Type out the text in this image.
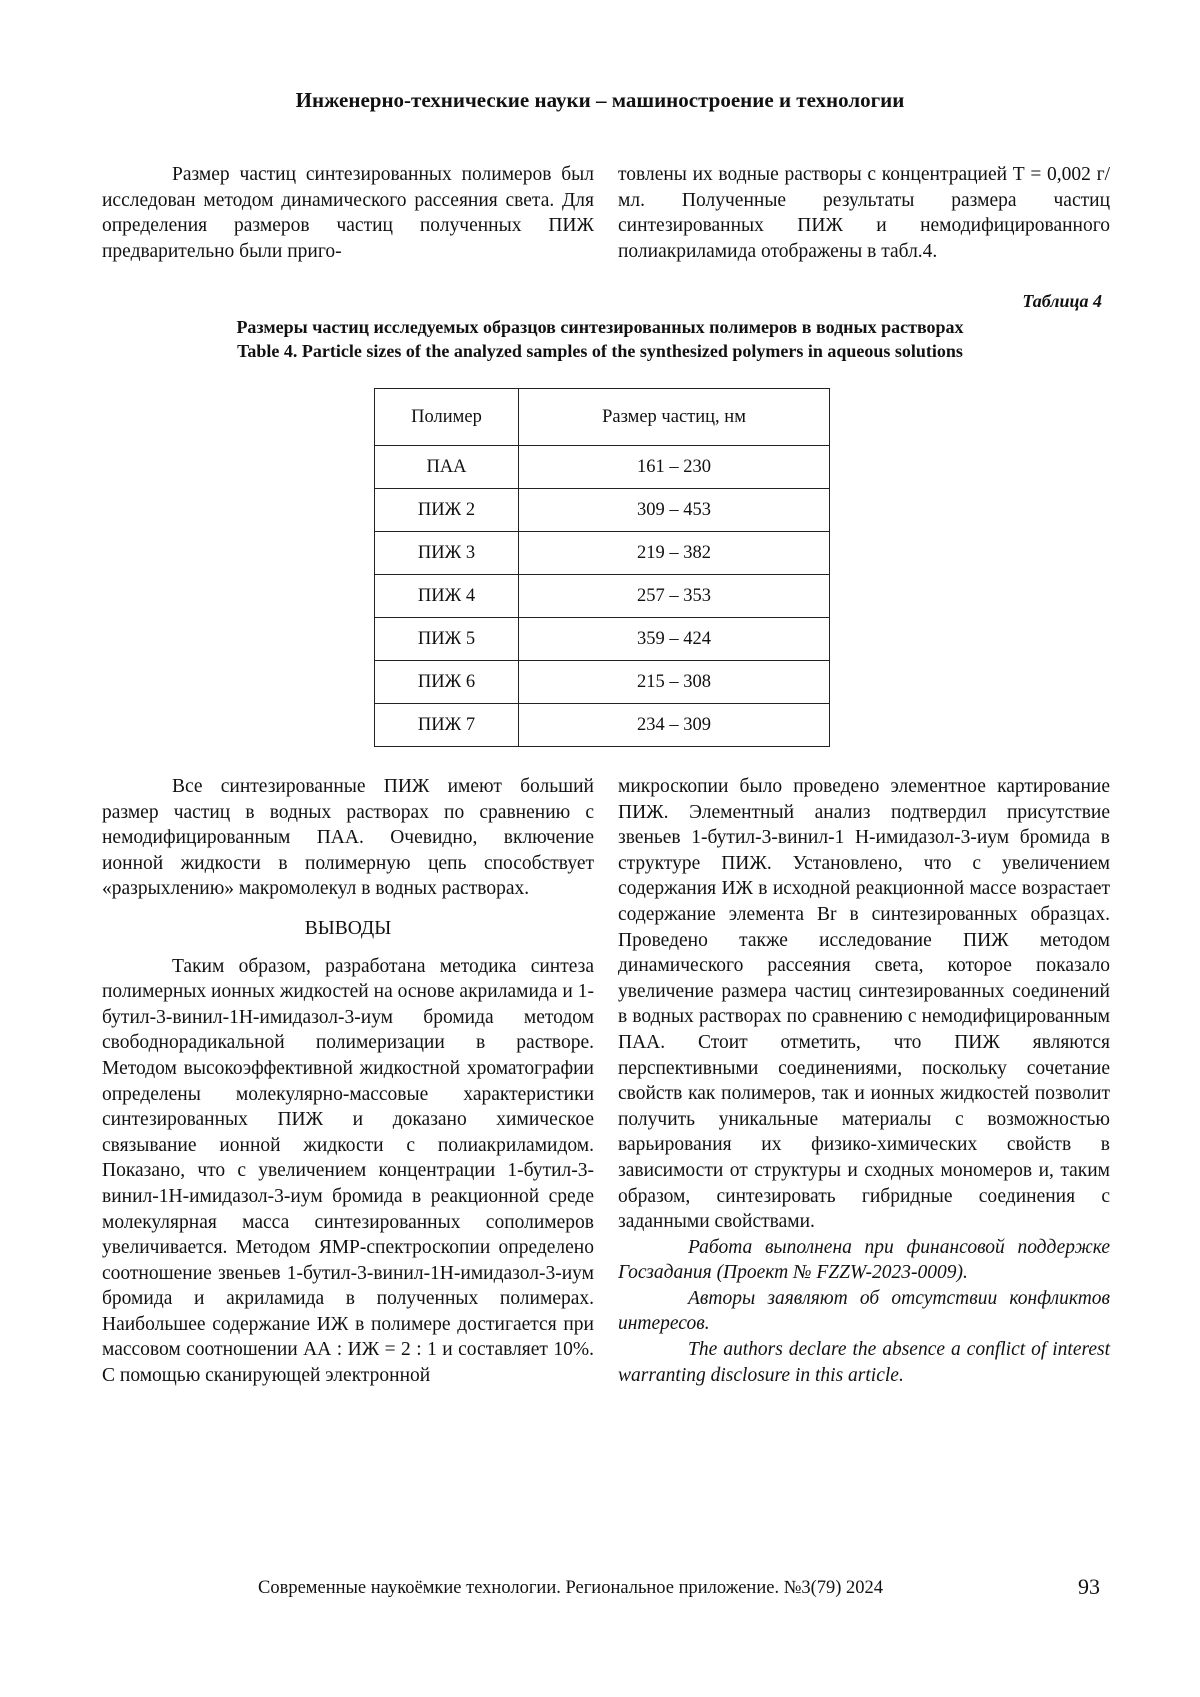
Инженерно-технические науки – машиностроение и технологии

Размер частиц синтезированных полимеров был исследован методом динамического рассеяния света. Для определения размеров частиц полученных ПИЖ предварительно были приго-

товлены их водные растворы с концентрацией Т = 0,002 г/мл. Полученные результаты размера частиц синтезированных ПИЖ и немодифицированного полиакриламида отображены в табл.4.

Таблица 4
Размеры частиц исследуемых образцов синтезированных полимеров в водных растворах
Table 4. Particle sizes of the analyzed samples of the synthesized polymers in aqueous solutions
Полимер	Размер частиц, нм
ПАА	161 – 230
ПИЖ 2	309 – 453
ПИЖ 3	219 – 382
ПИЖ 4	257 – 353
ПИЖ 5	359 – 424
ПИЖ 6	215 – 308
ПИЖ 7	234 – 309

Все синтезированные ПИЖ имеют больший размер частиц в водных растворах по сравнению с немодифицированным ПАА. Очевидно, включение ионной жидкости в полимерную цепь способствует «разрыхлению» макромолекул в водных растворах.

ВЫВОДЫ

Таким образом, разработана методика синтеза полимерных ионных жидкостей на основе акриламида и 1-бутил-3-винил-1Н-имидазол-3-иум бромида методом свободнорадикальной полимеризации в растворе. Методом высокоэффективной жидкостной хроматографии определены молекулярно-массовые характеристики синтезированных ПИЖ и доказано химическое связывание ионной жидкости с полиакриламидом. Показано, что с увеличением концентрации 1-бутил-3-винил-1Н-имидазол-3-иум бромида в реакционной среде молекулярная масса синтезированных сополимеров увеличивается. Методом ЯМР-спектроскопии определено соотношение звеньев 1-бутил-3-винил-1Н-имидазол-3-иум бромида и акриламида в полученных полимерах. Наибольшее содержание ИЖ в полимере достигается при массовом соотношении АА : ИЖ = 2 : 1 и составляет 10%. С помощью сканирующей электронной

микроскопии было проведено элементное картирование ПИЖ. Элементный анализ подтвердил присутствие звеньев 1-бутил-3-винил-1 Н-имидазол-3-иум бромида в структуре ПИЖ. Установлено, что с увеличением содержания ИЖ в исходной реакционной массе возрастает содержание элемента Br в синтезированных образцах. Проведено также исследование ПИЖ методом динамического рассеяния света, которое показало увеличение размера частиц синтезированных соединений в водных растворах по сравнению с немодифицированным ПАА. Стоит отметить, что ПИЖ являются перспективными соединениями, поскольку сочетание свойств как полимеров, так и ионных жидкостей позволит получить уникальные материалы с возможностью варьирования их физико-химических свойств в зависимости от структуры и сходных мономеров и, таким образом, синтезировать гибридные соединения с заданными свойствами.

Работа выполнена при финансовой поддержке Госзадания (Проект № FZZW-2023-0009).

Авторы заявляют об отсутствии конфликтов интересов.

The authors declare the absence a conflict of interest warranting disclosure in this article.

Современные наукоёмкие технологии. Региональное приложение. №3(79) 2024	93
